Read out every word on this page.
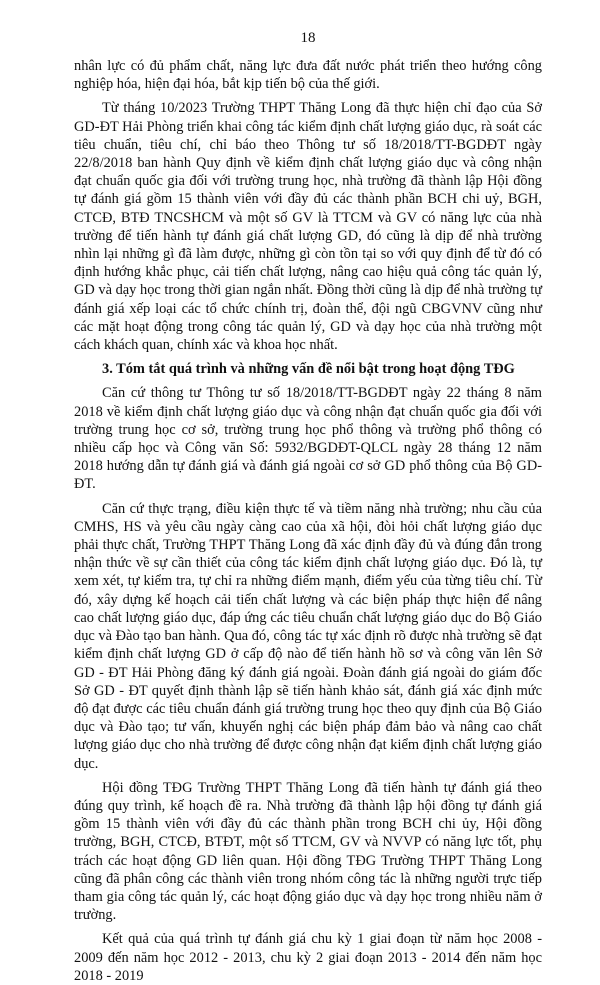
18

nhân lực có đủ phẩm chất, năng lực đưa đất nước phát triển theo hướng công nghiệp hóa, hiện đại hóa, bắt kịp tiến bộ của thế giới.

Từ tháng 10/2023 Trường THPT Thăng Long đã thực hiện chỉ đạo của Sở GD-ĐT Hải Phòng triển khai công tác kiểm định chất lượng giáo dục, rà soát các tiêu chuẩn, tiêu chí, chỉ báo theo Thông tư số 18/2018/TT-BGDĐT ngày 22/8/2018 ban hành Quy định về kiểm định chất lượng giáo dục và công nhận đạt chuẩn quốc gia đối với trường trung học, nhà trường đã thành lập Hội đồng tự đánh giá gồm 15 thành viên với đầy đủ các thành phần BCH chi uỷ, BGH, CTCĐ, BTĐ TNCSHCM và một số GV là TTCM và GV có năng lực của nhà trường để tiến hành tự đánh giá chất lượng GD, đó cũng là dịp để nhà trường nhìn lại những gì đã làm được, những gì còn tồn tại so với quy định để từ đó có định hướng khắc phục, cải tiến chất lượng, nâng cao hiệu quả công tác quản lý, GD và dạy học trong thời gian ngắn nhất. Đồng thời cũng là dịp để nhà trường tự đánh giá xếp loại các tổ chức chính trị, đoàn thể, đội ngũ CBGVNV cũng như các mặt hoạt động trong công tác quản lý, GD và dạy học của nhà trường một cách khách quan, chính xác và khoa học nhất.

3. Tóm tắt quá trình và những vấn đề nổi bật trong hoạt động TĐG

Căn cứ thông tư Thông tư số 18/2018/TT-BGDĐT ngày 22 tháng 8 năm 2018 về kiểm định chất lượng giáo dục và công nhận đạt chuẩn quốc gia đối với trường trung học cơ sở, trường trung học phổ thông và trường phổ thông có nhiều cấp học và Công văn Số: 5932/BGDĐT-QLCL ngày 28 tháng 12 năm 2018 hướng dẫn tự đánh giá và đánh giá ngoài cơ sở GD phổ thông của Bộ GD-ĐT.

Căn cứ thực trạng, điều kiện thực tế và tiềm năng nhà trường; nhu cầu của CMHS, HS và yêu cầu ngày càng cao của xã hội, đòi hỏi chất lượng giáo dục phải thực chất, Trường THPT Thăng Long đã xác định đầy đủ và đúng đắn trong nhận thức về sự cần thiết của công tác kiểm định chất lượng giáo dục. Đó là, tự xem xét, tự kiểm tra, tự chỉ ra những điểm mạnh, điểm yếu của từng tiêu chí. Từ đó, xây dựng kế hoạch cải tiến chất lượng và các biện pháp thực hiện để nâng cao chất lượng giáo dục, đáp ứng các tiêu chuẩn chất lượng giáo dục do Bộ Giáo dục và Đào tạo ban hành. Qua đó, công tác tự xác định rõ được nhà trường sẽ đạt kiểm định chất lượng GD ở cấp độ nào để tiến hành hồ sơ và công văn lên Sở GD - ĐT Hải Phòng đăng ký đánh giá ngoài. Đoàn đánh giá ngoài do giám đốc Sở GD - ĐT quyết định thành lập sẽ tiến hành khảo sát, đánh giá xác định mức độ đạt được các tiêu chuẩn đánh giá trường trung học theo quy định của Bộ Giáo dục và Đào tạo; tư vấn, khuyến nghị các biện pháp đảm bảo và nâng cao chất lượng giáo dục cho nhà trường để được công nhận đạt kiểm định chất lượng giáo dục.

Hội đồng TĐG Trường THPT Thăng Long đã tiến hành tự đánh giá theo đúng quy trình, kế hoạch đề ra. Nhà trường đã thành lập hội đồng tự đánh giá gồm 15 thành viên với đầy đủ các thành phần trong BCH chi ủy, Hội đồng trường, BGH, CTCĐ, BTĐT, một số TTCM, GV và NVVP có năng lực tốt, phụ trách các hoạt động GD liên quan. Hội đồng TĐG Trường THPT Thăng Long cũng đã phân công các thành viên trong nhóm công tác là những người trực tiếp tham gia công tác quản lý, các hoạt động giáo dục và dạy học trong nhiều năm ở trường.

Kết quả của quá trình tự đánh giá chu kỳ 1 giai đoạn từ năm học 2008 - 2009 đến năm học 2012 - 2013, chu kỳ 2 giai đoạn 2013 - 2014 đến năm học 2018 - 2019
